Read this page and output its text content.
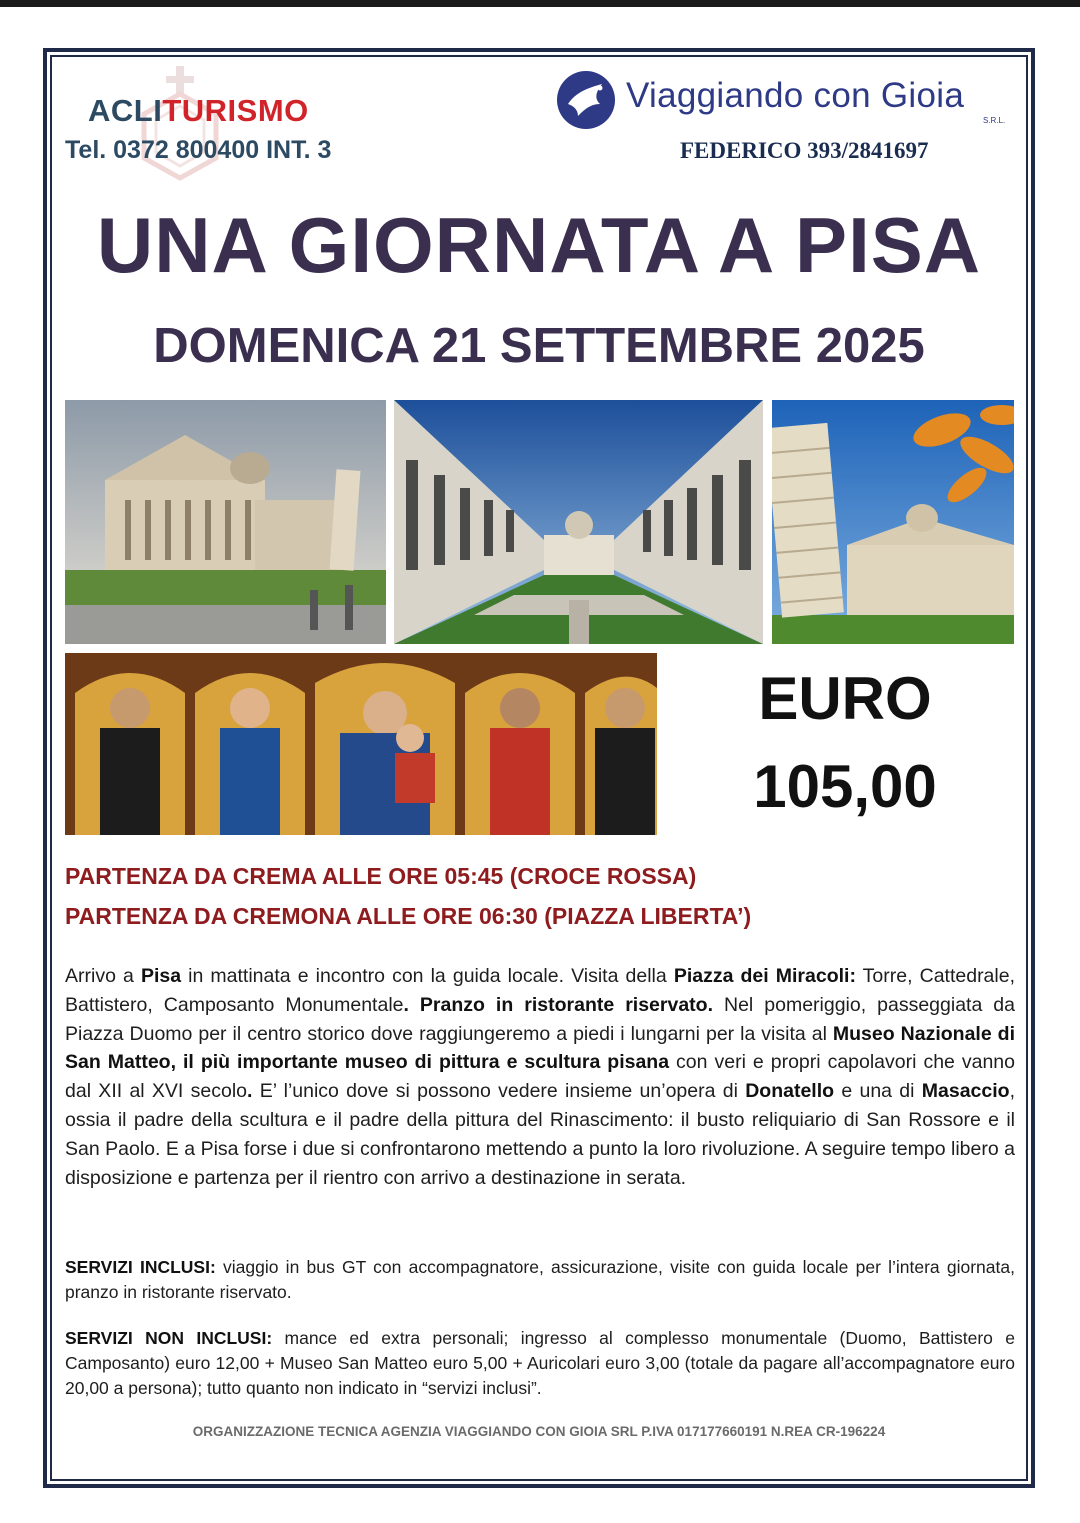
ACLITURISMO
Tel. 0372 800400 INT. 3
Viaggiando con Gioia
S.R.L.
FEDERICO 393/2841697
UNA GIORNATA A PISA
DOMENICA 21 SETTEMBRE 2025
EURO
105,00
PARTENZA DA CREMA ALLE ORE 05:45 (CROCE ROSSA)
PARTENZA DA CREMONA ALLE ORE 06:30 (PIAZZA LIBERTA’)
Arrivo a Pisa in mattinata e incontro con la guida locale. Visita della Piazza dei Miracoli: Torre, Cattedrale, Battistero, Camposanto Monumentale. Pranzo in ristorante riservato. Nel pomeriggio, passeggiata da Piazza Duomo per il centro storico dove raggiungeremo a piedi i lungarni per la visita al Museo Nazionale di San Matteo, il più importante museo di pittura e scultura pisana con veri e propri capolavori che vanno dal XII al XVI secolo. E’ l’unico dove si possono vedere insieme un’opera di Donatello e una di Masaccio, ossia il padre della scultura e il padre della pittura del Rinascimento: il busto reliquiario di San Rossore e il San Paolo. E a Pisa forse i due si confrontarono mettendo a punto la loro rivoluzione. A seguire tempo libero a disposizione e partenza per il rientro con arrivo a destinazione in serata.
SERVIZI INCLUSI: viaggio in bus GT con accompagnatore, assicurazione, visite con guida locale per l’intera giornata, pranzo in ristorante riservato.
SERVIZI NON INCLUSI: mance ed extra personali; ingresso al complesso monumentale (Duomo, Battistero e Camposanto) euro 12,00 + Museo San Matteo euro 5,00 + Auricolari euro 3,00 (totale da pagare all’accompagnatore euro 20,00 a persona); tutto quanto non indicato in “servizi inclusi”.
ORGANIZZAZIONE TECNICA AGENZIA VIAGGIANDO CON GIOIA SRL P.IVA 017177660191 N.REA CR-196224
